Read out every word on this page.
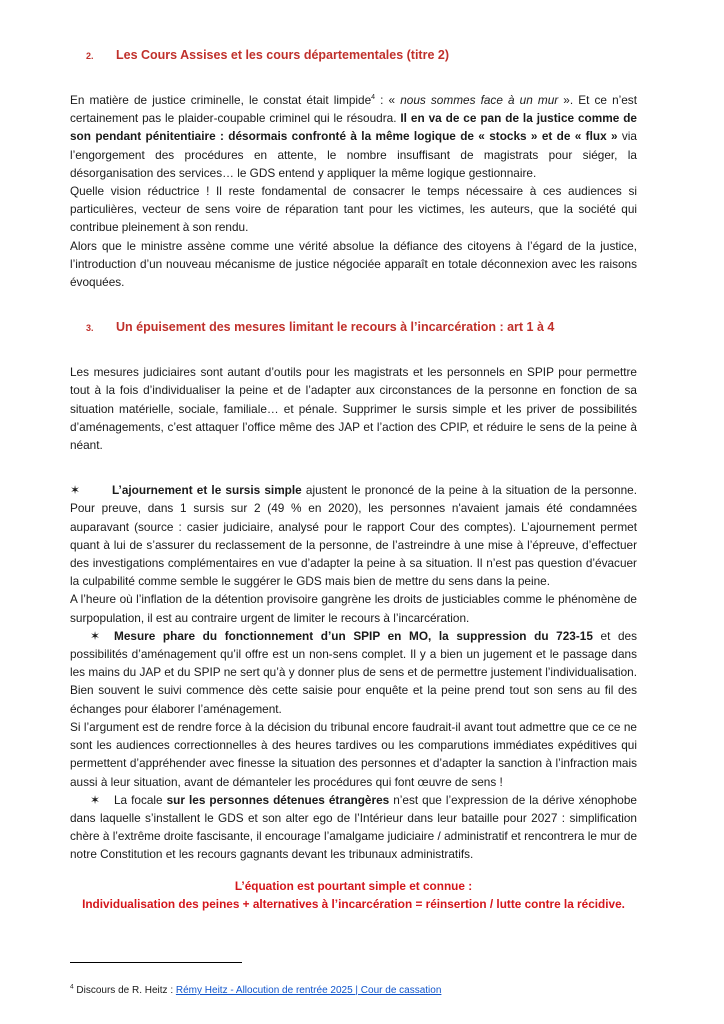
2. Les Cours Assises et les cours départementales (titre 2)

En matière de justice criminelle, le constat était limpide$^4$ : « nous sommes face à un mur ». Et ce n’est certainement pas le plaider-coupable criminel qui le résoudra. Il en va de ce pan de la justice comme de son pendant pénitentiaire : désormais confronté à la même logique de « stocks » et de « flux » via l’engorgement des procédures en attente, le nombre insuffisant de magistrats pour siéger, la désorganisation des services… le GDS entend y appliquer la même logique gestionnaire.

Quelle vision réductrice ! Il reste fondamental de consacrer le temps nécessaire à ces audiences si particulières, vecteur de sens voire de réparation tant pour les victimes, les auteurs, que la société qui contribue pleinement à son rendu.

Alors que le ministre assène comme une vérité absolue la défiance des citoyens à l’égard de la justice, l’introduction d’un nouveau mécanisme de justice négociée apparaît en totale déconnexion avec les raisons évoquées.

3. Un épuisement des mesures limitant le recours à l’incarcération : art 1 à 4

Les mesures judiciaires sont autant d’outils pour les magistrats et les personnels en SPIP pour permettre tout à la fois d’individualiser la peine et de l’adapter aux circonstances de la personne en fonction de sa situation matérielle, sociale, familiale… et pénale. Supprimer le sursis simple et les priver de possibilités d’aménagements, c’est attaquer l’office même des JAP et l’action des CPIP, et réduire le sens de la peine à néant.

✶	L’ajournement et le sursis simple ajustent le prononcé de la peine à la situation de la personne. Pour preuve, dans 1 sursis sur 2 (49 % en 2020), les personnes n'avaient jamais été condamnées auparavant (source : casier judiciaire, analysé pour le rapport Cour des comptes). L’ajournement permet quant à lui de s’assurer du reclassement de la personne, de l’astreindre à une mise à l’épreuve, d’effectuer des investigations complémentaires en vue d’adapter la peine à sa situation. Il n’est pas question d’évacuer la culpabilité comme semble le suggérer le GDS mais bien de mettre du sens dans la peine.

A l’heure où l’inflation de la détention provisoire gangrène les droits de justiciables comme le phénomène de surpopulation, il est au contraire urgent de limiter le recours à l’incarcération.

✶ Mesure phare du fonctionnement d’un SPIP en MO, la suppression du 723-15 et des possibilités d’aménagement qu’il offre est un non-sens complet. Il y a bien un jugement et le passage dans les mains du JAP et du SPIP ne sert qu’à y donner plus de sens et de permettre justement l’individualisation. Bien souvent le suivi commence dès cette saisie pour enquête et la peine prend tout son sens au fil des échanges pour élaborer l’aménagement.

Si l’argument est de rendre force à la décision du tribunal encore faudrait-il avant tout admettre que ce ce ne sont les audiences correctionnelles à des heures tardives ou les comparutions immédiates expéditives qui permettent d’appréhender avec finesse la situation des personnes et d’adapter la sanction à l’infraction mais aussi à leur situation, avant de démanteler les procédures qui font œuvre de sens !

✶ La focale sur les personnes détenues étrangères n’est que l’expression de la dérive xénophobe dans laquelle s’installent le GDS et son alter ego de l’Intérieur dans leur bataille pour 2027 : simplification chère à l’extrême droite fascisante, il encourage l’amalgame judiciaire / administratif et rencontrera le mur de notre Constitution et les recours gagnants devant les tribunaux administratifs.

L’équation est pourtant simple et connue :
Individualisation des peines + alternatives à l’incarcération = réinsertion / lutte contre la récidive.
$^4$ Discours de R. Heitz : Rémy Heitz - Allocution de rentrée 2025 | Cour de cassation
